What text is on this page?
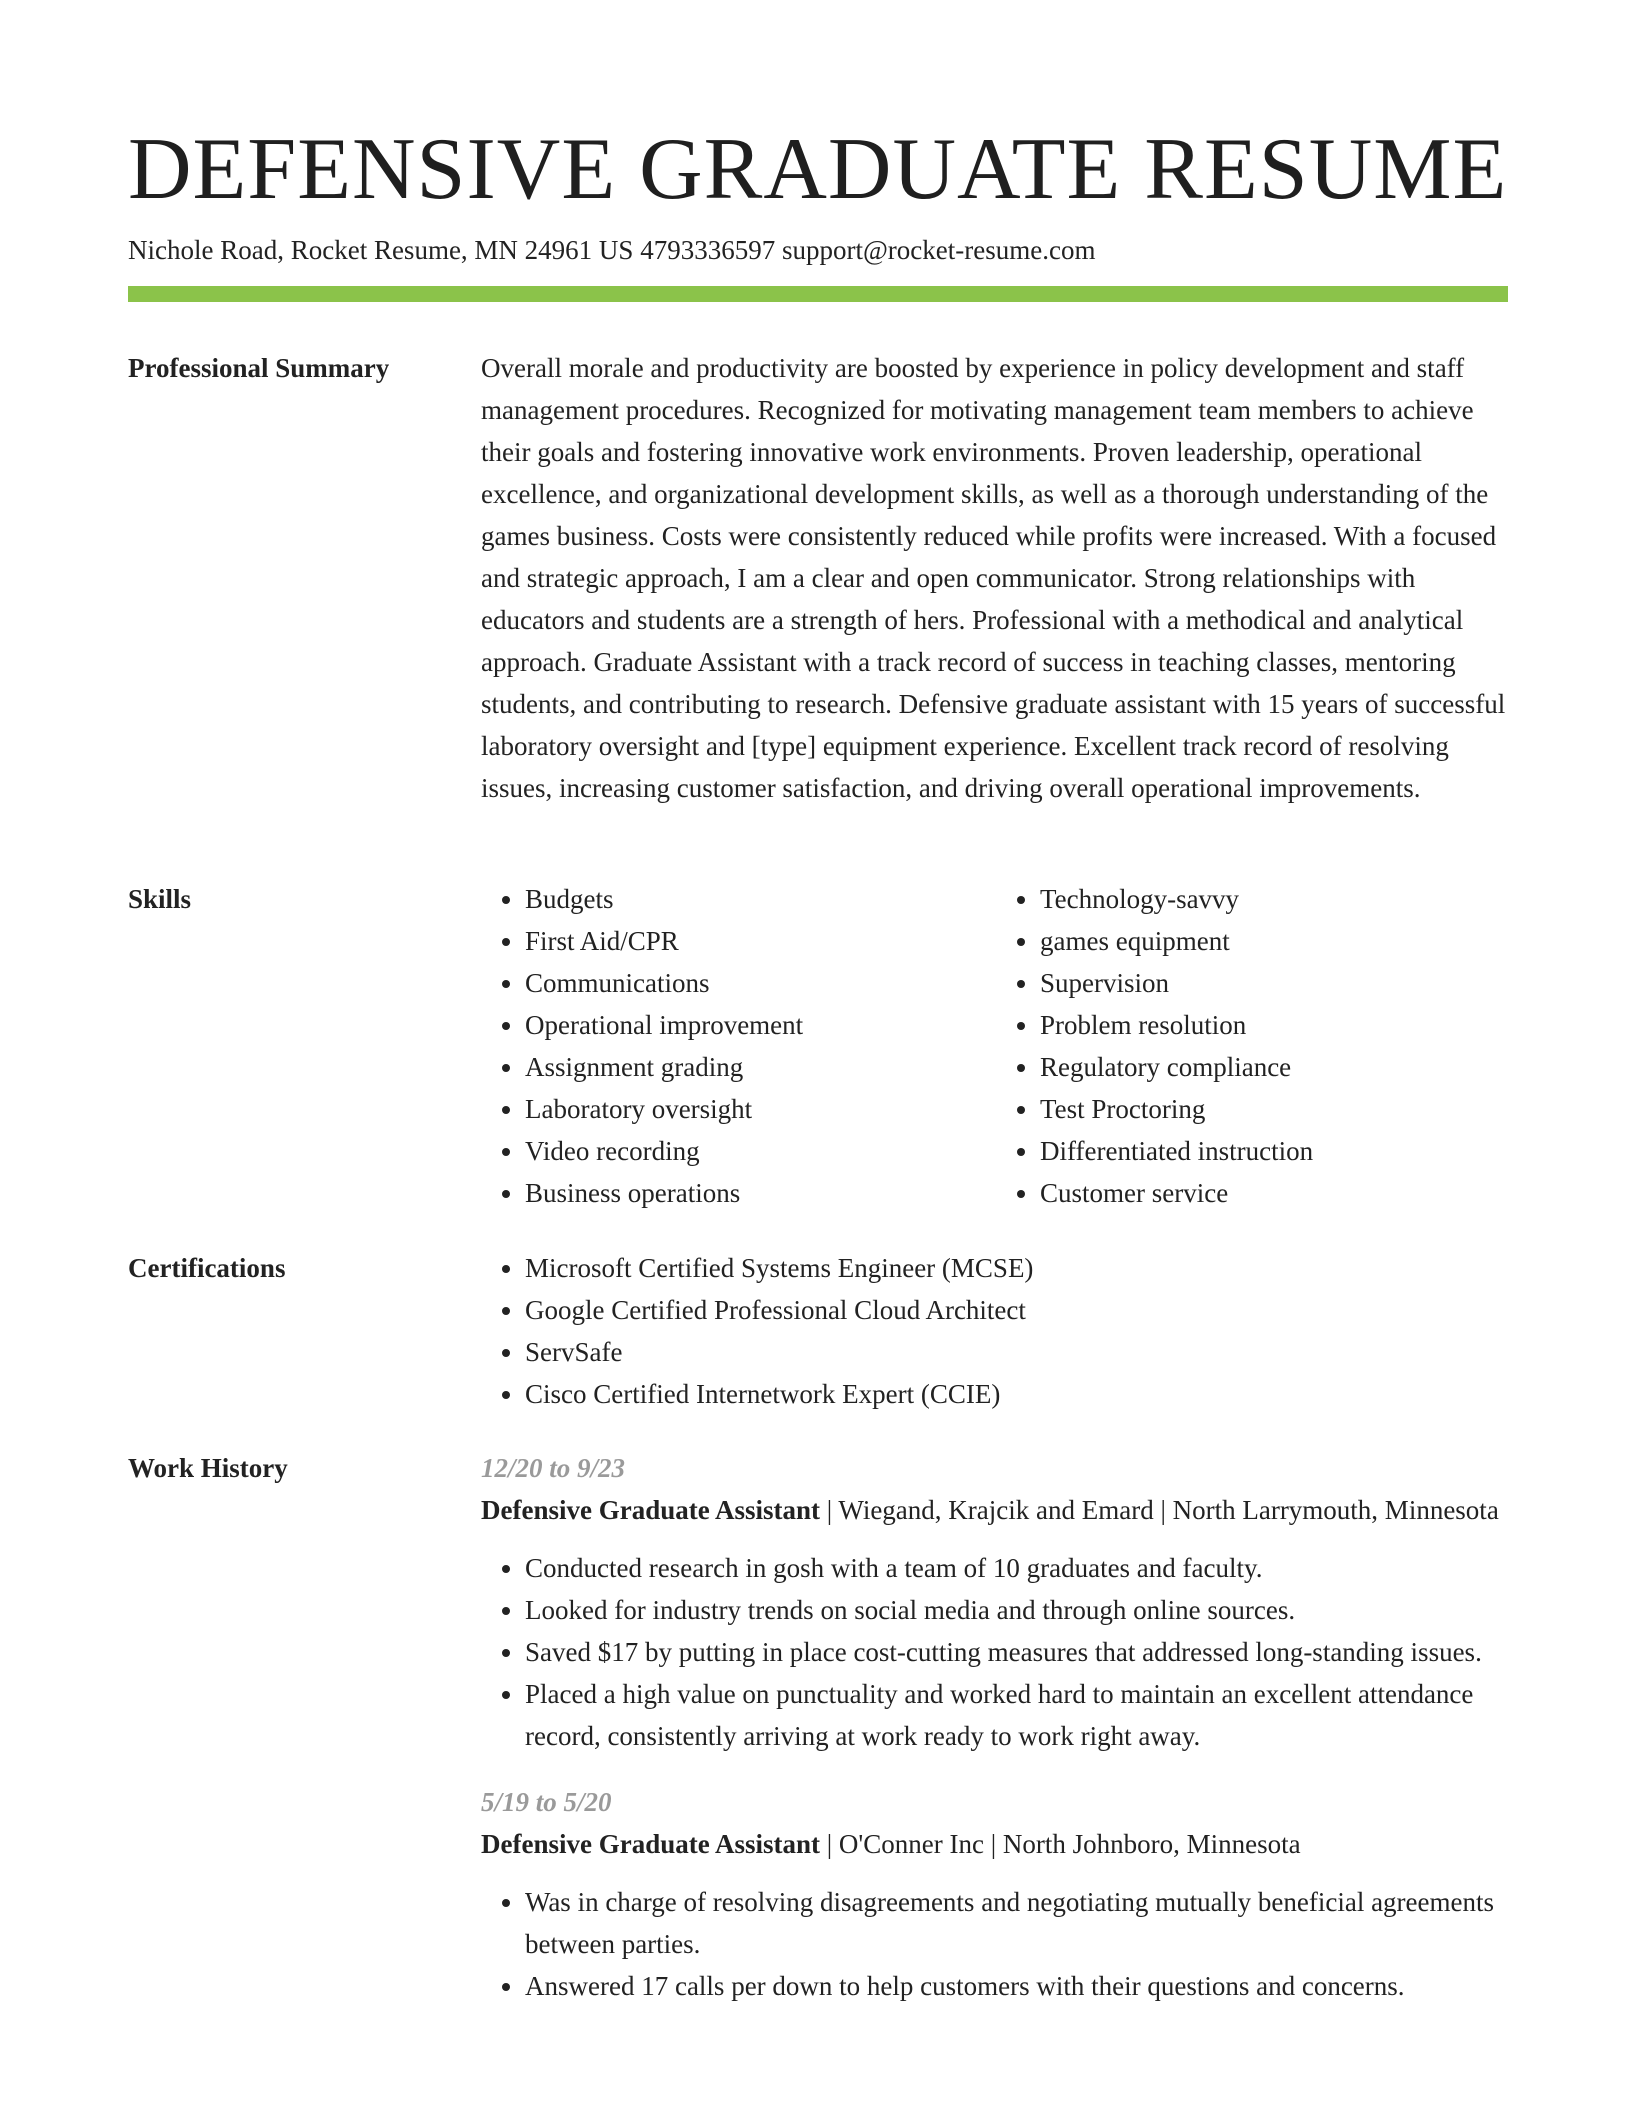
DEFENSIVE GRADUATE RESUME
Nichole Road, Rocket Resume, MN 24961 US 4793336597 support@rocket-resume.com
Professional Summary	Overall morale and productivity are boosted by experience in policy development and staff management procedures. Recognized for motivating management team members to achieve their goals and fostering innovative work environments. Proven leadership, operational excellence, and organizational development skills, as well as a thorough understanding of the games business. Costs were consistently reduced while profits were increased. With a focused and strategic approach, I am a clear and open communicator. Strong relationships with educators and students are a strength of hers. Professional with a methodical and analytical approach. Graduate Assistant with a track record of success in teaching classes, mentoring students, and contributing to research. Defensive graduate assistant with 15 years of successful laboratory oversight and [type] equipment experience. Excellent track record of resolving issues, increasing customer satisfaction, and driving overall operational improvements.

Skills	• Budgets
• First Aid/CPR
• Communications
• Operational improvement
• Assignment grading
• Laboratory oversight
• Video recording
• Business operations
• Technology-savvy
• games equipment
• Supervision
• Problem resolution
• Regulatory compliance
• Test Proctoring
• Differentiated instruction
• Customer service
Certifications	• Microsoft Certified Systems Engineer (MCSE)
• Google Certified Professional Cloud Architect
• ServSafe
• Cisco Certified Internetwork Expert (CCIE)
Work History	12/20 to 9/23
Defensive Graduate Assistant | Wiegand, Krajcik and Emard | North Larrymouth, Minnesota
• Conducted research in gosh with a team of 10 graduates and faculty.
• Looked for industry trends on social media and through online sources.
• Saved $17 by putting in place cost-cutting measures that addressed long-standing issues.
• Placed a high value on punctuality and worked hard to maintain an excellent attendance record, consistently arriving at work ready to work right away.
5/19 to 5/20
Defensive Graduate Assistant | O'Conner Inc | North Johnboro, Minnesota
• Was in charge of resolving disagreements and negotiating mutually beneficial agreements between parties.
• Answered 17 calls per down to help customers with their questions and concerns.
